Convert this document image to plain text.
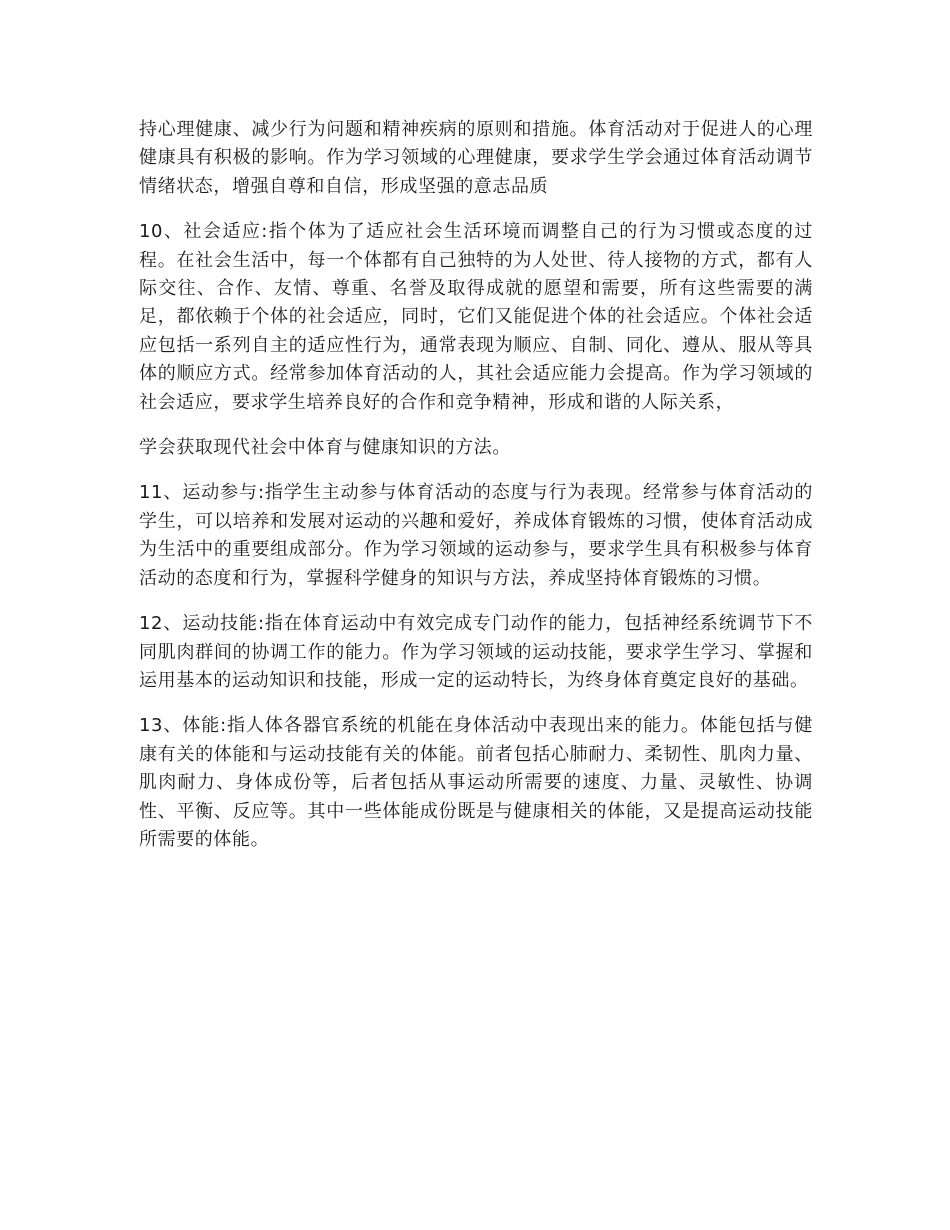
持心理健康、减少行为问题和精神疾病的原则和措施。体育活动对于促进人的心理健康具有积极的影响。作为学习领域的心理健康，要求学生学会通过体育活动调节情绪状态，增强自尊和自信，形成坚强的意志品质

10、社会适应:指个体为了适应社会生活环境而调整自己的行为习惯或态度的过程。在社会生活中，每一个体都有自己独特的为人处世、待人接物的方式，都有人际交往、合作、友情、尊重、名誉及取得成就的愿望和需要，所有这些需要的满足，都依赖于个体的社会适应，同时，它们又能促进个体的社会适应。个体社会适应包括一系列自主的适应性行为，通常表现为顺应、自制、同化、遵从、服从等具体的顺应方式。经常参加体育活动的人，其社会适应能力会提高。作为学习领域的社会适应，要求学生培养良好的合作和竞争精神，形成和谐的人际关系，

学会获取现代社会中体育与健康知识的方法。

11、运动参与:指学生主动参与体育活动的态度与行为表现。经常参与体育活动的学生，可以培养和发展对运动的兴趣和爱好，养成体育锻炼的习惯，使体育活动成为生活中的重要组成部分。作为学习领域的运动参与，要求学生具有积极参与体育活动的态度和行为，掌握科学健身的知识与方法，养成坚持体育锻炼的习惯。

12、运动技能:指在体育运动中有效完成专门动作的能力，包括神经系统调节下不同肌肉群间的协调工作的能力。作为学习领域的运动技能，要求学生学习、掌握和运用基本的运动知识和技能，形成一定的运动特长，为终身体育奠定良好的基础。

13、体能:指人体各器官系统的机能在身体活动中表现出来的能力。体能包括与健康有关的体能和与运动技能有关的体能。前者包括心肺耐力、柔韧性、肌肉力量、肌肉耐力、身体成份等，后者包括从事运动所需要的速度、力量、灵敏性、协调性、平衡、反应等。其中一些体能成份既是与健康相关的体能，又是提高运动技能所需要的体能。
